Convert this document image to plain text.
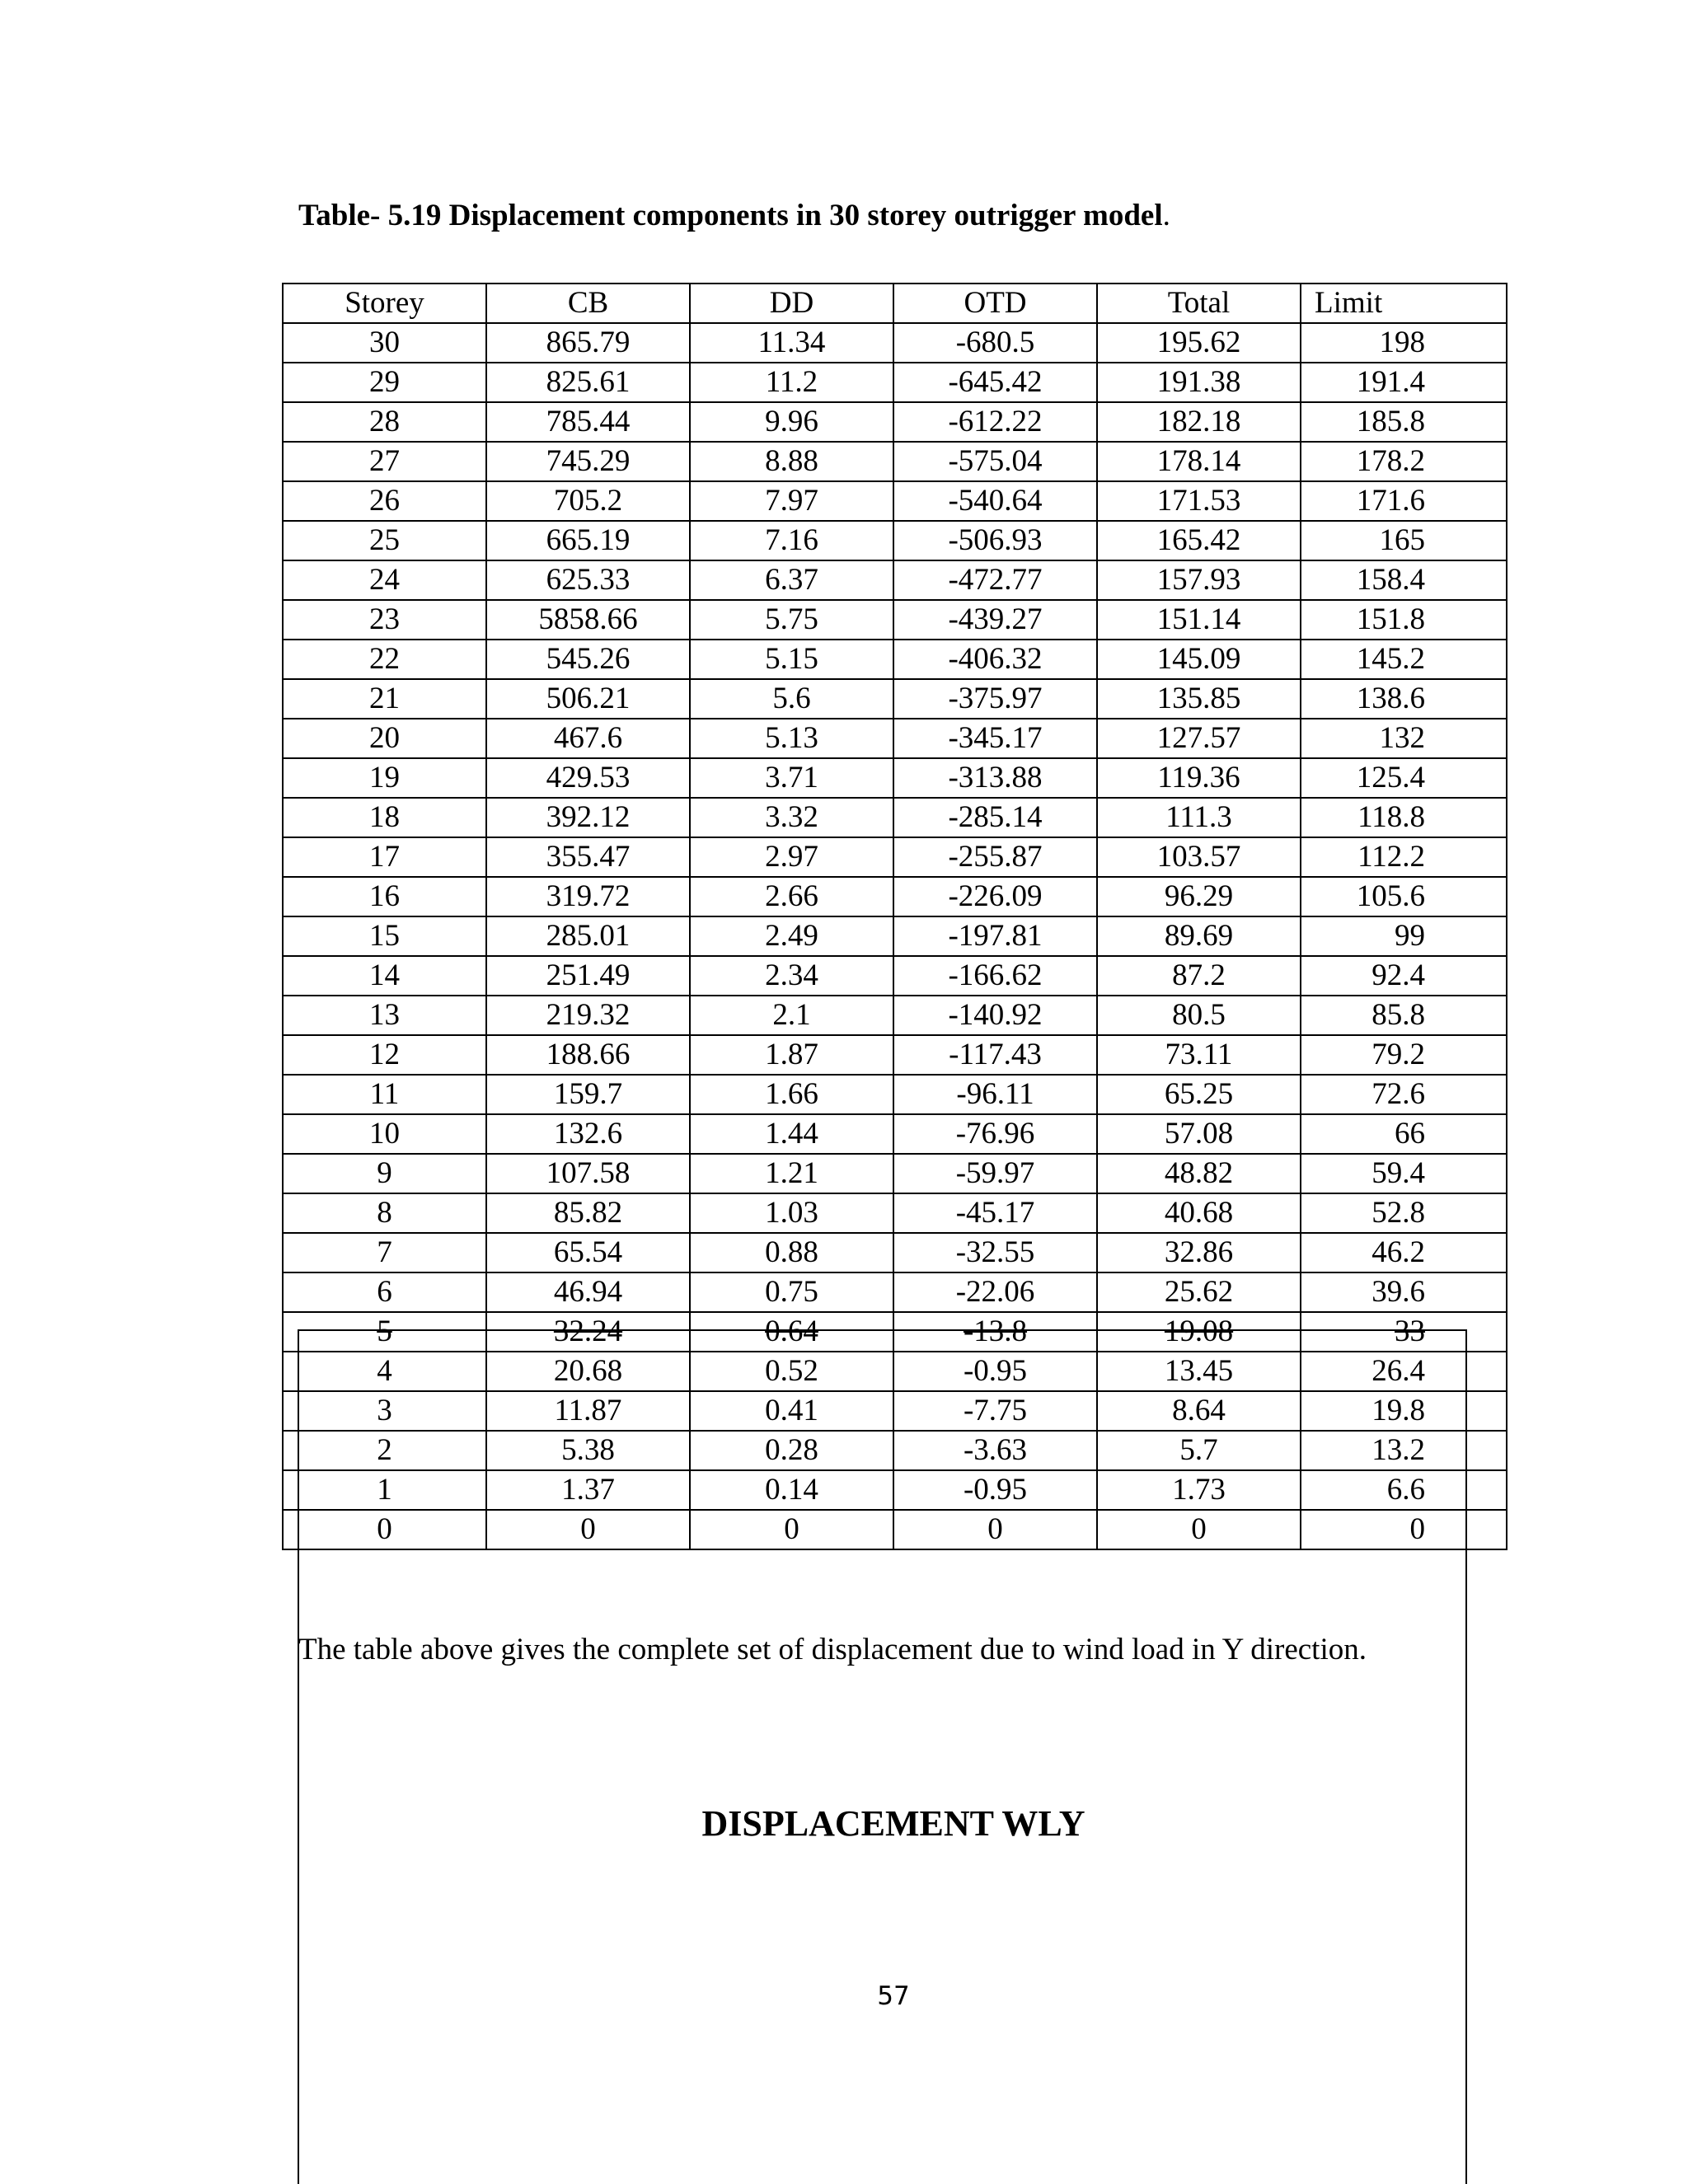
Table- 5.19 Displacement components in 30 storey outrigger model.
Storey	CB	DD	OTD	Total	Limit
30	865.79	11.34	-680.5	195.62	198
29	825.61	11.2	-645.42	191.38	191.4
28	785.44	9.96	-612.22	182.18	185.8
27	745.29	8.88	-575.04	178.14	178.2
26	705.2	7.97	-540.64	171.53	171.6
25	665.19	7.16	-506.93	165.42	165
24	625.33	6.37	-472.77	157.93	158.4
23	5858.66	5.75	-439.27	151.14	151.8
22	545.26	5.15	-406.32	145.09	145.2
21	506.21	5.6	-375.97	135.85	138.6
20	467.6	5.13	-345.17	127.57	132
19	429.53	3.71	-313.88	119.36	125.4
18	392.12	3.32	-285.14	111.3	118.8
17	355.47	2.97	-255.87	103.57	112.2
16	319.72	2.66	-226.09	96.29	105.6
15	285.01	2.49	-197.81	89.69	99
14	251.49	2.34	-166.62	87.2	92.4
13	219.32	2.1	-140.92	80.5	85.8
12	188.66	1.87	-117.43	73.11	79.2
11	159.7	1.66	-96.11	65.25	72.6
10	132.6	1.44	-76.96	57.08	66
9	107.58	1.21	-59.97	48.82	59.4
8	85.82	1.03	-45.17	40.68	52.8
7	65.54	0.88	-32.55	32.86	46.2
6	46.94	0.75	-22.06	25.62	39.6
5	32.24	0.64	-13.8	19.08	33
4	20.68	0.52	-0.95	13.45	26.4
3	11.87	0.41	-7.75	8.64	19.8
2	5.38	0.28	-3.63	5.7	13.2
1	1.37	0.14	-0.95	1.73	6.6
0	0	0	0	0	0
The table above gives the complete set of displacement due to wind load in Y direction.
DISPLACEMENT WLY
57
